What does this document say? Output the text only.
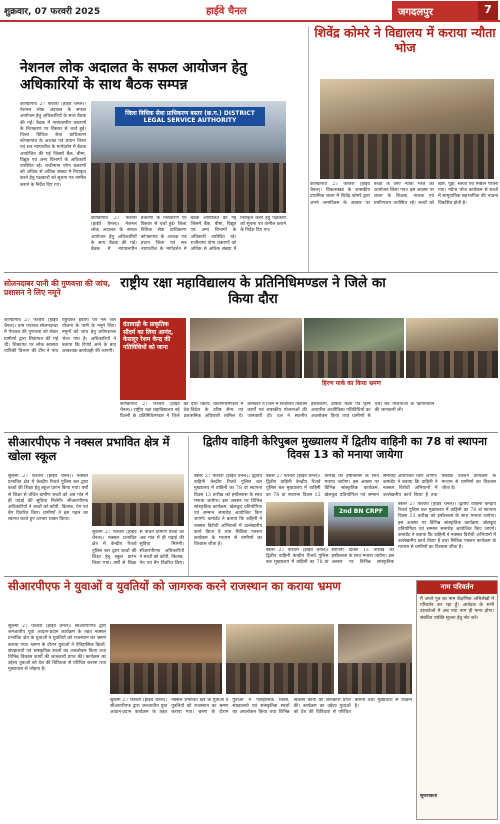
शुक्रवार, 07 फरवरी 2025	हाईवे चैनल	जगदलपुर	7
नेशनल लोक अदालत के सफल आयोजन हेतु अधिकारियों के साथ बैठक सम्पन्न
जिला विधिक सेवा प्राधिकरण बस्तर (छ.ग.) DISTRICT LEGAL SERVICE AUTHORITY
कोण्डागांव 27 फरवरी (हाईवे चैनल)। नेशनल लोक अदालत के सफल आयोजन हेतु अधिकारियों के साथ बैठक की गई। बैठक में न्यायालयीन प्रकरणों के निराकरण पर विस्तार से चर्चा हुई। जिला विधिक सेवा प्राधिकरण कोण्डागांव के अध्यक्ष एवं प्रधान जिला एवं सत्र न्यायाधीश के मार्गदर्शन में बैठक आयोजित की गई जिसमें बैंक, बीमा, विद्युत एवं अन्य विभागों के अधिकारी उपस्थित रहे। राजीनामा योग्य प्रकरणों को अधिक से अधिक संख्या में निराकृत करने हेतु पक्षकारों को सूचना पत्र तामील कराने के निर्देश दिए गए।
कोण्डागांव 27 फरवरी (हाईवे चैनल)। नेशनल लोक अदालत के सफल आयोजन हेतु अधिकारियों के साथ बैठक की गई। बैठक में न्यायालयीन प्रकरणों के निराकरण पर विस्तार से चर्चा हुई। जिला विधिक सेवा प्राधिकरण कोण्डागांव के अध्यक्ष एवं प्रधान जिला एवं सत्र न्यायाधीश के मार्गदर्शन में बैठक आयोजित की गई जिसमें बैंक, बीमा, विद्युत एवं अन्य विभागों के अधिकारी उपस्थित रहे। राजीनामा योग्य प्रकरणों को अधिक से अधिक संख्या में निराकृत करने हेतु पक्षकारों को सूचना पत्र तामील कराने के निर्देश दिए गए।
शिवेंद्र कोमरे ने विद्यालय में कराया न्यौता भोज
कोण्डागांव 27 फरवरी (हाईवे चैनल)। विकासखंड के शासकीय प्राथमिक शाला में शिवेंद्र कोमरे द्वारा अपने जन्मदिवस के अवसर पर बच्चों के लिए न्यौता भोज का आयोजन किया गया। इस अवसर पर शाला के शिक्षक, पालक एवं ग्रामीणजन उपस्थित रहे। बच्चों को खीर, पूड़ी, सब्जी एवं मिष्ठान परोसा गया। न्यौता भोज कार्यक्रम से बच्चों में सामुदायिक सहभागिता की भावना विकसित होती है।
राष्ट्रीय रक्षा महाविद्यालय के प्रतिनिधिमण्डल ने जिले का किया दौरा
दंतावाड़ी के प्राकृतिक सौंदर्य का लिया आनंद, केसलूर रेशम केन्द्र की गतिविधियों को जाना
कोण्डागांव 27 फरवरी (हाईवे चैनल)। राष्ट्रीय रक्षा महाविद्यालय नई दिल्ली के प्रतिनिधिमण्डल ने जिले का दौरा किया। प्रतिनिधिमण्डल में देश-विदेश के वरिष्ठ सैन्य एवं प्रशासनिक अधिकारी शामिल थे। कलेक्टर ने जिले में संचालित विकास कार्यों एवं शासकीय योजनाओं की जानकारी दी। दल ने स्थानीय हस्तशिल्प, ढोकरा कला एवं कृषि आधारित आजीविका गतिविधियों का अवलोकन किया तथा ग्रामीणों से चर्चा कर योजनाओं के क्रियान्वयन की जानकारी ली।
हिरण पार्क का किया भ्रमण
सोलनदाबर पानी की गुणवत्ता की जांच, प्रशासन ने लिए नमूने
कोण्डागांव 27 फरवरी (हाईवे चैनल)। ग्राम पंचायत सोलनदाबर में पेयजल की गुणवत्ता को लेकर ग्रामीणों द्वारा शिकायत की गई थी। शिकायत पर लोक स्वास्थ्य यांत्रिकी विभाग की टीम ने गांव पहुंचकर हैंडपंप एवं नल जल योजना के पानी के नमूने लिए। नमूनों को जांच हेतु प्रयोगशाला भेजा गया है। अधिकारियों ने बताया कि रिपोर्ट आने के बाद आवश्यक कार्यवाही की जाएगी।
सीआरपीएफ ने नक्सल प्रभावित क्षेत्र में खोला स्कूल
सुकमा 27 फरवरी (हाईवे चैनल)। नक्सल प्रभावित क्षेत्र में केन्द्रीय रिजर्व पुलिस बल द्वारा बच्चों की शिक्षा हेतु स्कूल प्रारंभ किया गया। वर्षों से शिक्षा से वंचित ग्रामीण बच्चों को अब गांव में ही पढ़ाई की सुविधा मिलेगी। सीआरपीएफ अधिकारियों ने बच्चों को कॉपी, किताब, पेन एवं बैग वितरित किए। ग्रामीणों ने इस पहल का स्वागत करते हुए आभार व्यक्त किया।
सुकमा 27 फरवरी (हाईवे चैनल)। नक्सल प्रभावित क्षेत्र में केन्द्रीय रिजर्व पुलिस बल द्वारा बच्चों की शिक्षा हेतु स्कूल प्रारंभ किया गया। वर्षों से शिक्षा से वंचित ग्रामीण बच्चों को अब गांव में ही पढ़ाई की सुविधा मिलेगी। सीआरपीएफ अधिकारियों ने बच्चों को कॉपी, किताब, पेन एवं बैग वितरित किए।
द्वितीय वाहिनी केरिपुबल मुख्यालय में द्वितीय वाहिनी का 78 वां स्थापना दिवस 13 को मनाया जायेगा
बस्तर 27 फरवरी (हाईवे चैनल)। द्वितीय वाहिनी केन्द्रीय रिजर्व पुलिस बल मुख्यालय में वाहिनी का 78 वां स्थापना दिवस 13 तारीख को हर्षोल्लास के साथ मनाया जायेगा। इस अवसर पर विभिन्न सांस्कृतिक कार्यक्रम, खेलकूद प्रतियोगिता एवं सम्मान समारोह आयोजित किए जाएंगे। कमांडेंट ने बताया कि वाहिनी ने नक्सल विरोधी अभियानों में उल्लेखनीय कार्य किया है तथा सिविक एक्शन कार्यक्रम के माध्यम से ग्रामीणों का विश्वास जीता है।
2nd BN CRPF
बस्तर 27 फरवरी (हाईवे चैनल)। द्वितीय वाहिनी केन्द्रीय रिजर्व पुलिस बल मुख्यालय में वाहिनी का 78 वां स्थापना दिवस 13 तारीख को हर्षोल्लास के साथ मनाया जायेगा। इस अवसर पर विभिन्न सांस्कृतिक कार्यक्रम, खेलकूद प्रतियोगिता एवं सम्मान समारोह आयोजित किए जाएंगे। कमांडेंट ने बताया कि वाहिनी ने नक्सल विरोधी अभियानों में उल्लेखनीय कार्य किया है तथा सिविक एक्शन कार्यक्रम के माध्यम से ग्रामीणों का विश्वास जीता है।
बस्तर 27 फरवरी (हाईवे चैनल)। द्वितीय वाहिनी केन्द्रीय रिजर्व पुलिस बल मुख्यालय में वाहिनी का 78 वां स्थापना दिवस 13 तारीख को हर्षोल्लास के साथ मनाया जायेगा। इस अवसर पर विभिन्न सांस्कृतिक
बस्तर 27 फरवरी (हाईवे चैनल)। द्वितीय वाहिनी केन्द्रीय रिजर्व पुलिस बल मुख्यालय में वाहिनी का 78 वां स्थापना दिवस 13 तारीख को हर्षोल्लास के साथ मनाया जायेगा। इस अवसर पर विभिन्न सांस्कृतिक कार्यक्रम, खेलकूद प्रतियोगिता एवं सम्मान समारोह आयोजित किए जाएंगे। कमांडेंट ने बताया कि वाहिनी ने नक्सल विरोधी अभियानों में उल्लेखनीय कार्य किया है तथा सिविक एक्शन कार्यक्रम के माध्यम से ग्रामीणों का विश्वास जीता है।
सीआरपीएफ ने युवाओं व युवतियों को जागरुक करने राजस्थान का कराया भ्रमण
सुकमा 27 फरवरी (हाईवे चैनल)। सीआरपीएफ द्वारा जनजातीय युवा आदान-प्रदान कार्यक्रम के तहत नक्सल प्रभावित क्षेत्र के युवाओं व युवतियों को राजस्थान का भ्रमण कराया गया। भ्रमण के दौरान युवाओं ने ऐतिहासिक किलों, संग्रहालयों एवं सांस्कृतिक स्थलों का अवलोकन किया तथा विभिन्न विकास कार्यों की जानकारी प्राप्त की। कार्यक्रम का उद्देश्य युवाओं को देश की विविधता से परिचित कराना तथा मुख्यधारा से जोड़ना है।
सुकमा 27 फरवरी (हाईवे चैनल)। सीआरपीएफ द्वारा जनजातीय युवा आदान-प्रदान कार्यक्रम के तहत नक्सल प्रभावित क्षेत्र के युवाओं व युवतियों को राजस्थान का भ्रमण कराया गया। भ्रमण के दौरान युवाओं ने ऐतिहासिक किलों, संग्रहालयों एवं सांस्कृतिक स्थलों का अवलोकन किया तथा विभिन्न विकास कार्यों की जानकारी प्राप्त की। कार्यक्रम का उद्देश्य युवाओं को देश की विविधता से परिचित कराना तथा मुख्यधारा से जोड़ना है।
नाम परिवर्तन
मैं अपने पुत्र का नाम शैक्षणिक अभिलेखों में परिवर्तन कर रहा हूँ। आवेदक के सभी दस्तावेजों में अब नया नाम ही मान्य होगा। संबंधित व्यक्ति सूचना हेतु नोट करें।
सूचनाकर्ता
